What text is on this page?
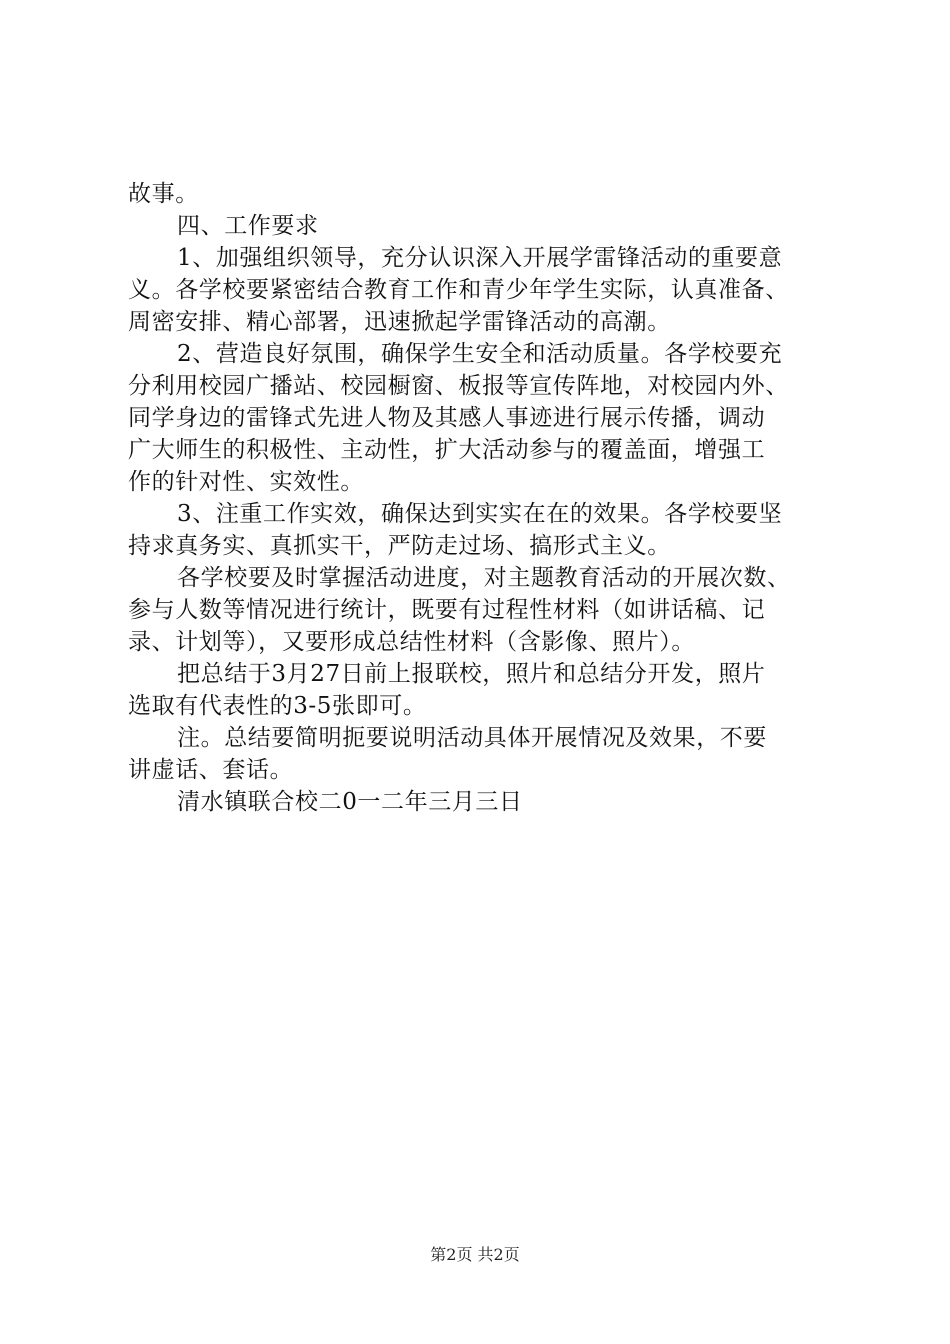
故事。
四、工作要求
1、加强组织领导，充分认识深入开展学雷锋活动的重要意
义。各学校要紧密结合教育工作和青少年学生实际，认真准备、
周密安排、精心部署，迅速掀起学雷锋活动的高潮。
2、营造良好氛围，确保学生安全和活动质量。各学校要充
分利用校园广播站、校园橱窗、板报等宣传阵地，对校园内外、
同学身边的雷锋式先进人物及其感人事迹进行展示传播，调动
广大师生的积极性、主动性，扩大活动参与的覆盖面，增强工
作的针对性、实效性。
3、注重工作实效，确保达到实实在在的效果。各学校要坚
持求真务实、真抓实干，严防走过场、搞形式主义。
各学校要及时掌握活动进度，对主题教育活动的开展次数、
参与人数等情况进行统计，既要有过程性材料（如讲话稿、记
录、计划等），又要形成总结性材料（含影像、照片）。
把总结于3月27日前上报联校，照片和总结分开发，照片
选取有代表性的3-5张即可。
注。总结要简明扼要说明活动具体开展情况及效果，不要
讲虚话、套话。
清水镇联合校二0一二年三月三日
第2页 共2页
